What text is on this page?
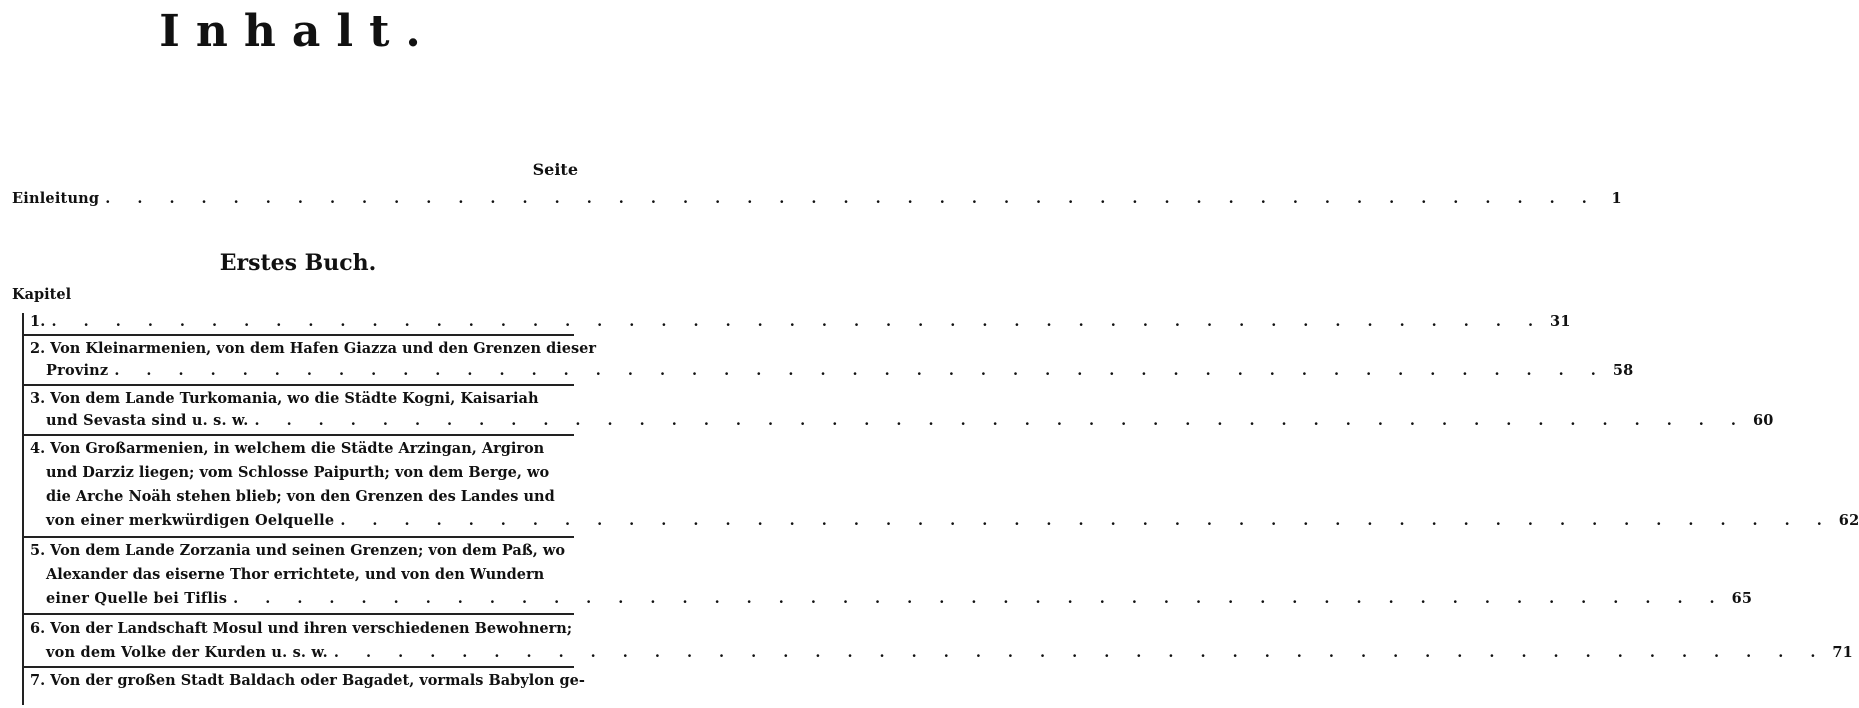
Inhalt.
Seite
Einleitung . . . . . . . . . . . . . . . . . . . . . . . . . . . . . . . . . . . . . . . . . . . . . . . 1
Erstes Buch.
Kapitel
1. . . . . . . . . . . . . . . . . . . . . . . . . . . . . . . . . . . . . . . . . . . . . . . . 31
2. Von Kleinarmenien, von dem Hafen Giazza und den Grenzen dieser
Provinz . . . . . . . . . . . . . . . . . . . . . . . . . . . . . . . . . . . . . . . . . . . . . . . 58
3. Von dem Lande Turkomania, wo die Städte Kogni, Kaisariah
und Sevasta sind u. s. w. . . . . . . . . . . . . . . . . . . . . . . . . . . . . . . . . . . . . . . . . . . . . . . . 60
4. Von Großarmenien, in welchem die Städte Arzingan, Argiron
und Darziz liegen; vom Schlosse Paipurth; von dem Berge, wo
die Arche Noäh stehen blieb; von den Grenzen des Landes und
von einer merkwürdigen Oelquelle . . . . . . . . . . . . . . . . . . . . . . . . . . . . . . . . . . . . . . . . . . . . . . . 62
5. Von dem Lande Zorzania und seinen Grenzen; von dem Paß, wo
Alexander das eiserne Thor errichtete, und von den Wundern
einer Quelle bei Tiflis . . . . . . . . . . . . . . . . . . . . . . . . . . . . . . . . . . . . . . . . . . . . . . . 65
6. Von der Landschaft Mosul und ihren verschiedenen Bewohnern;
von dem Volke der Kurden u. s. w. . . . . . . . . . . . . . . . . . . . . . . . . . . . . . . . . . . . . . . . . . . . . . . . 71
7. Von der großen Stadt Baldach oder Bagadet, vormals Babylon ge-
